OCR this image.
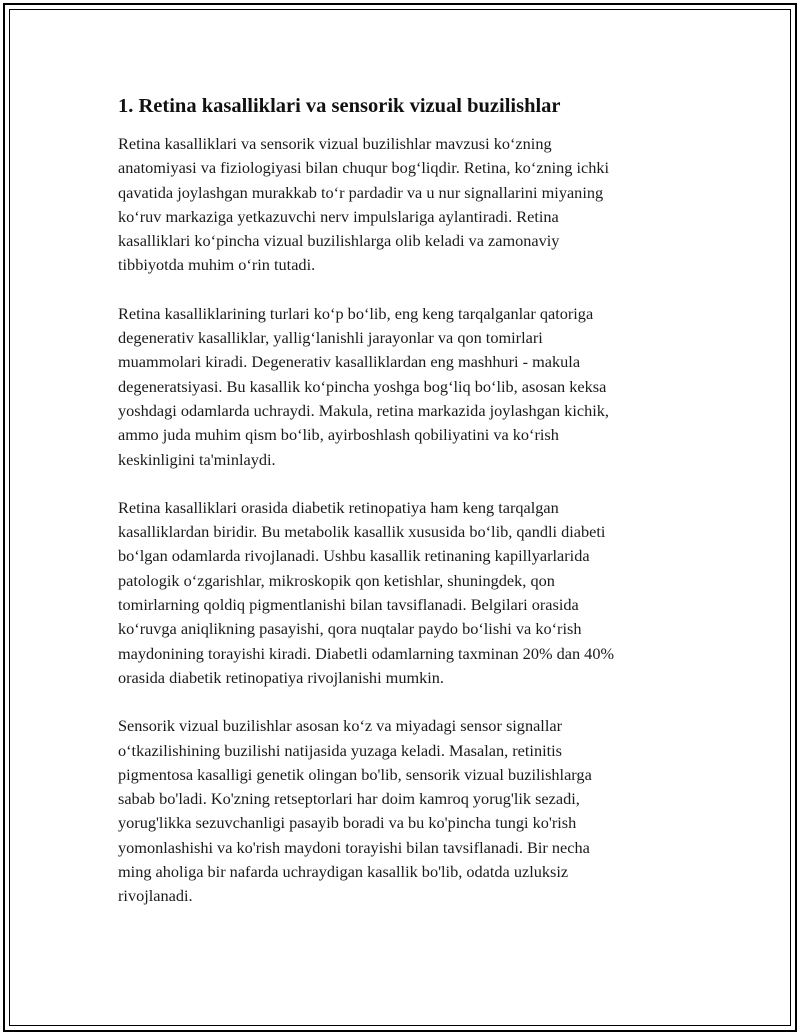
1. Retina kasalliklari va sensorik vizual buzilishlar

Retina kasalliklari va sensorik vizual buzilishlar mavzusi ko‘zning
anatomiyasi va fiziologiyasi bilan chuqur bog‘liqdir. Retina, ko‘zning ichki
qavatida joylashgan murakkab to‘r pardadir va u nur signallarini miyaning
ko‘ruv markaziga yetkazuvchi nerv impulslariga aylantiradi. Retina
kasalliklari ko‘pincha vizual buzilishlarga olib keladi va zamonaviy
tibbiyotda muhim o‘rin tutadi.

Retina kasalliklarining turlari ko‘p bo‘lib, eng keng tarqalganlar qatoriga
degenerativ kasalliklar, yallig‘lanishli jarayonlar va qon tomirlari
muammolari kiradi. Degenerativ kasalliklardan eng mashhuri - makula
degeneratsiyasi. Bu kasallik ko‘pincha yoshga bog‘liq bo‘lib, asosan keksa
yoshdagi odamlarda uchraydi. Makula, retina markazida joylashgan kichik,
ammo juda muhim qism bo‘lib, ayirboshlash qobiliyatini va ko‘rish
keskinligini ta'minlaydi.

Retina kasalliklari orasida diabetik retinopatiya ham keng tarqalgan
kasalliklardan biridir. Bu metabolik kasallik xususida bo‘lib, qandli diabeti
bo‘lgan odamlarda rivojlanadi. Ushbu kasallik retinaning kapillyarlarida
patologik o‘zgarishlar, mikroskopik qon ketishlar, shuningdek, qon
tomirlarning qoldiq pigmentlanishi bilan tavsiflanadi. Belgilari orasida
ko‘ruvga aniqlikning pasayishi, qora nuqtalar paydo bo‘lishi va ko‘rish
maydonining torayishi kiradi. Diabetli odamlarning taxminan 20% dan 40%
orasida diabetik retinopatiya rivojlanishi mumkin.

Sensorik vizual buzilishlar asosan ko‘z va miyadagi sensor signallar
o‘tkazilishining buzilishi natijasida yuzaga keladi. Masalan, retinitis
pigmentosa kasalligi genetik olingan bo'lib, sensorik vizual buzilishlarga
sabab bo'ladi. Ko'zning retseptorlari har doim kamroq yorug'lik sezadi,
yorug'likka sezuvchanligi pasayib boradi va bu ko'pincha tungi ko'rish
yomonlashishi va ko'rish maydoni torayishi bilan tavsiflanadi. Bir necha
ming aholiga bir nafarda uchraydigan kasallik bo'lib, odatda uzluksiz
rivojlanadi.
